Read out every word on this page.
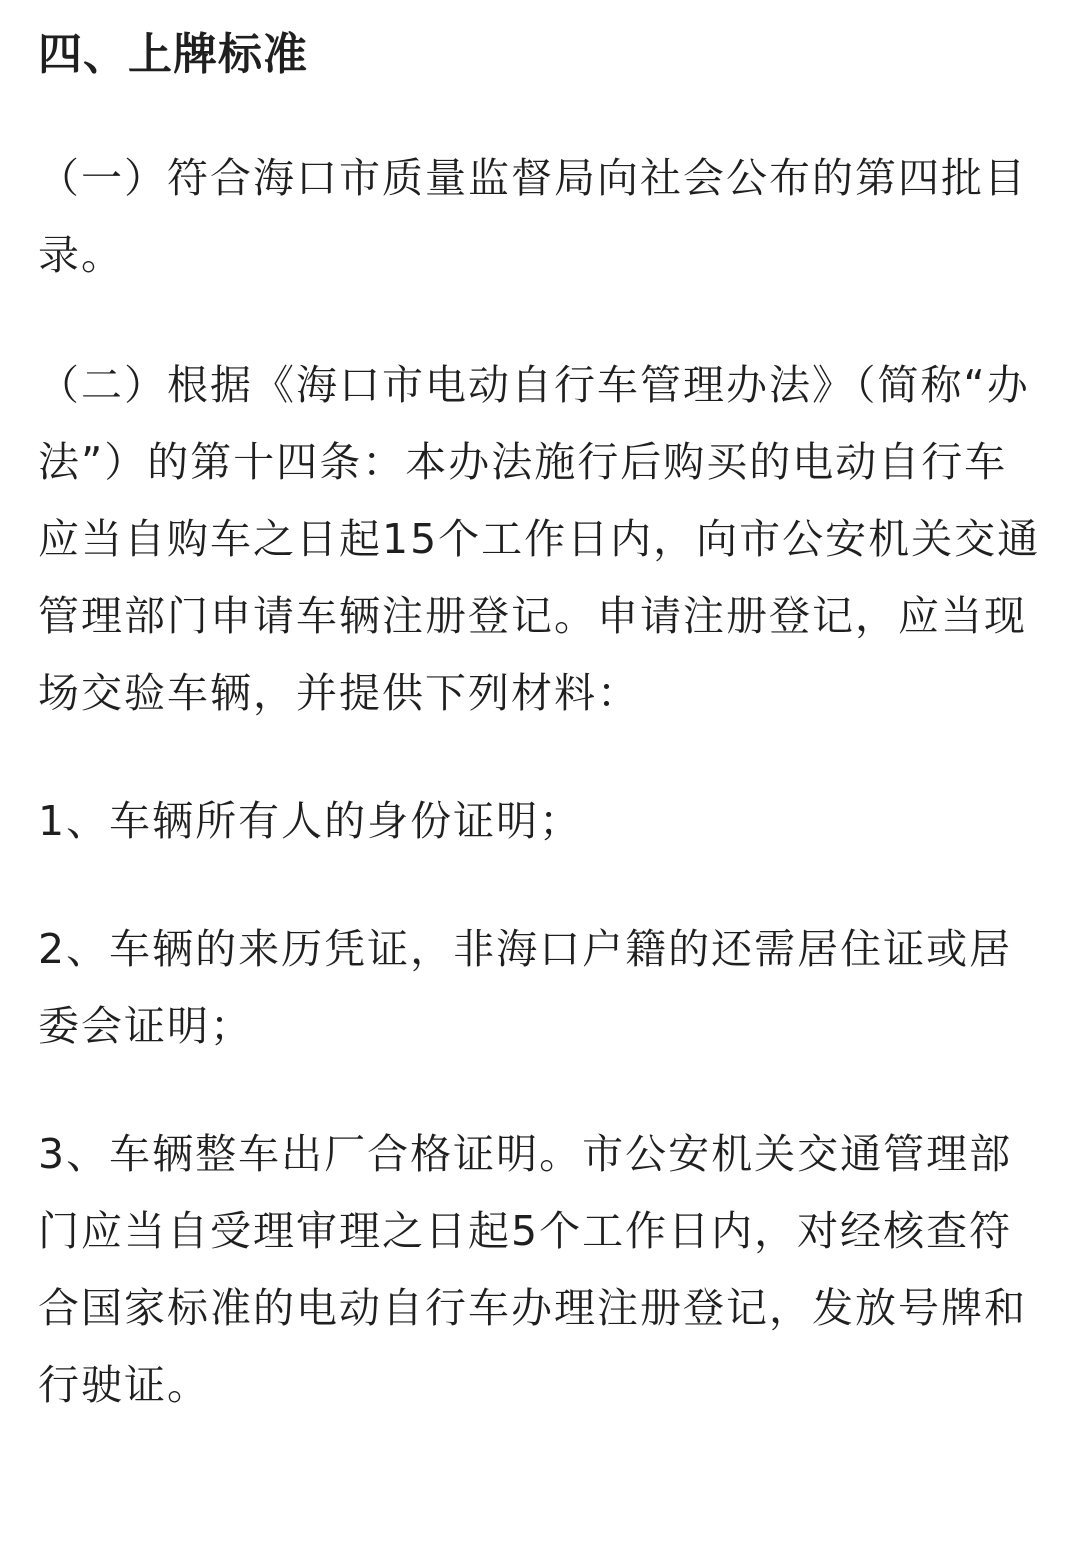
四、上牌标准

（一）符合海口市质量监督局向社会公布的第四批目录。

（二）根据《海口市电动自行车管理办法》（简称“办法”）的第十四条：本办法施行后购买的电动自行车应当自购车之日起15个工作日内，向市公安机关交通管理部门申请车辆注册登记。申请注册登记，应当现场交验车辆，并提供下列材料：

1、车辆所有人的身份证明；

2、车辆的来历凭证，非海口户籍的还需居住证或居委会证明；

3、车辆整车出厂合格证明。市公安机关交通管理部门应当自受理审理之日起5个工作日内，对经核查符合国家标准的电动自行车办理注册登记，发放号牌和行驶证。
